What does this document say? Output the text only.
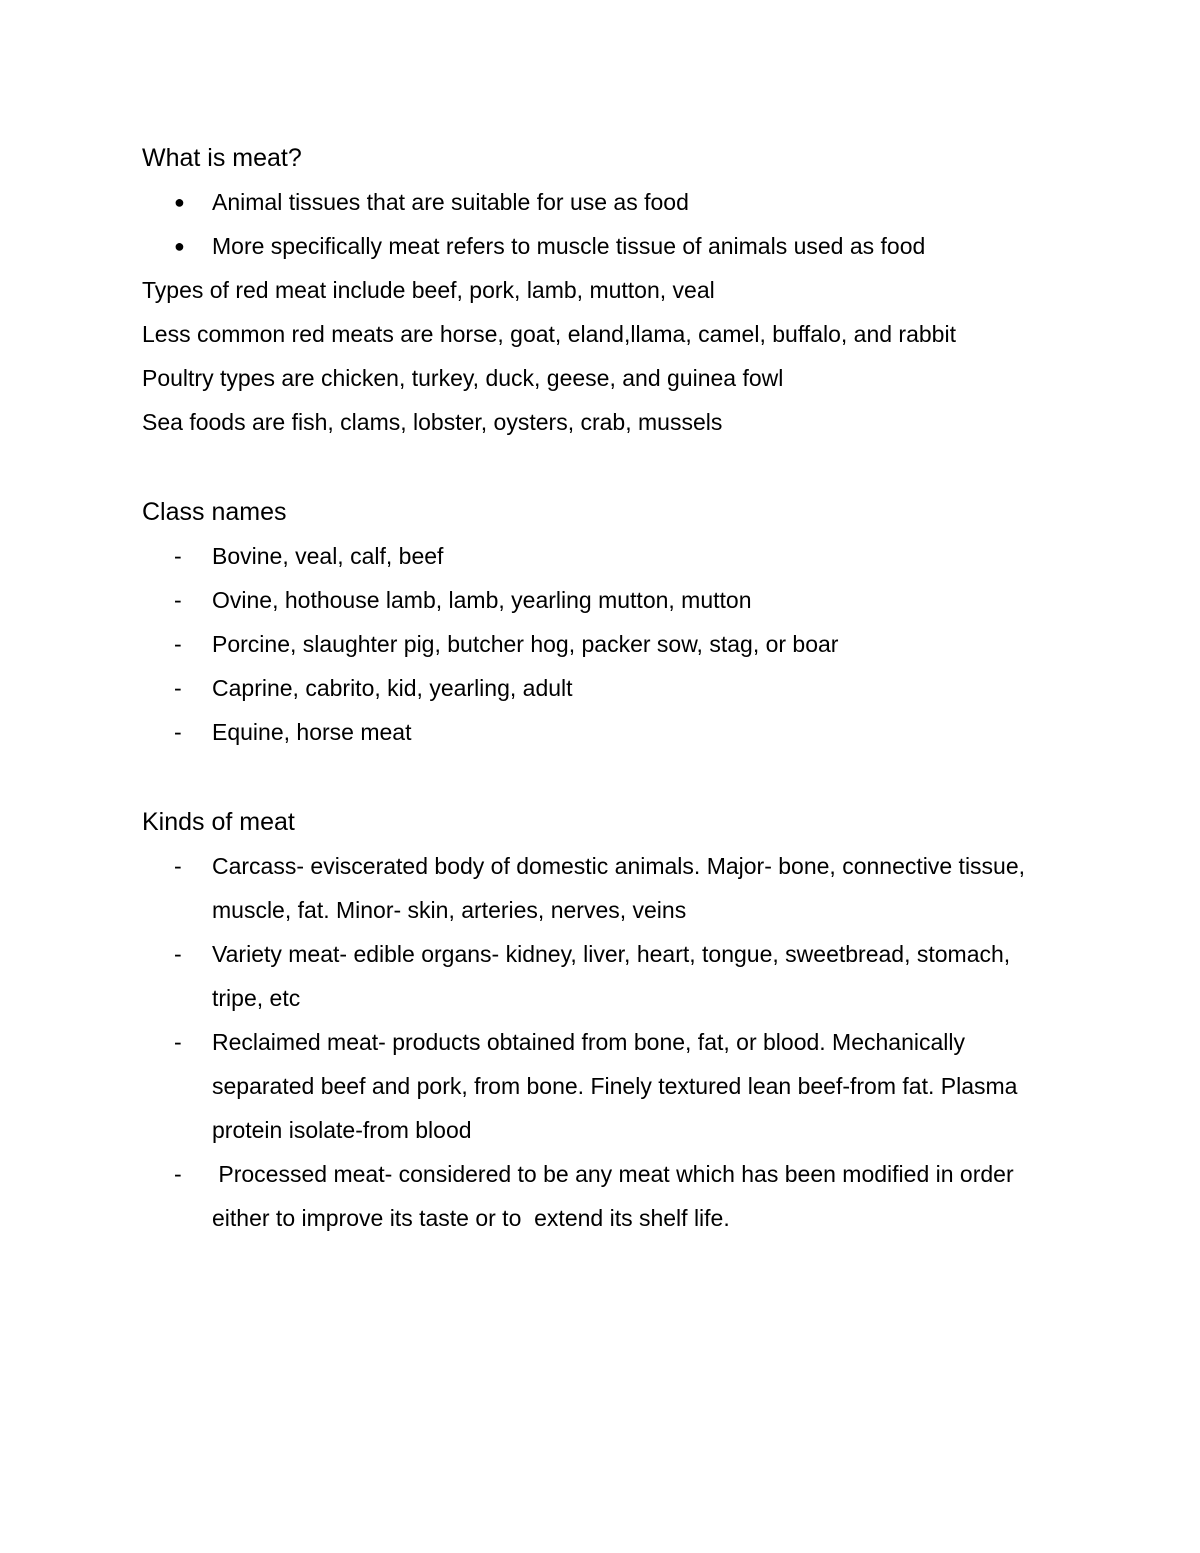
What is meat?
●	Animal tissues that are suitable for use as food
●	More specifically meat refers to muscle tissue of animals used as food
Types of red meat include beef, pork, lamb, mutton, veal
Less common red meats are horse, goat, eland,llama, camel, buffalo, and rabbit
Poultry types are chicken, turkey, duck, geese, and guinea fowl
Sea foods are fish, clams, lobster, oysters, crab, mussels
Class names
-	Bovine, veal, calf, beef
-	Ovine, hothouse lamb, lamb, yearling mutton, mutton
-	Porcine, slaughter pig, butcher hog, packer sow, stag, or boar
-	Caprine, cabrito, kid, yearling, adult
-	Equine, horse meat
Kinds of meat
-	Carcass- eviscerated body of domestic animals. Major- bone, connective tissue, muscle, fat. Minor- skin, arteries, nerves, veins
-	Variety meat- edible organs- kidney, liver, heart, tongue, sweetbread, stomach, tripe, etc
-	Reclaimed meat- products obtained from bone, fat, or blood. Mechanically separated beef and pork, from bone. Finely textured lean beef-from fat. Plasma protein isolate-from blood
-	Processed meat- considered to be any meat which has been modified in order either to improve its taste or to  extend its shelf life.
